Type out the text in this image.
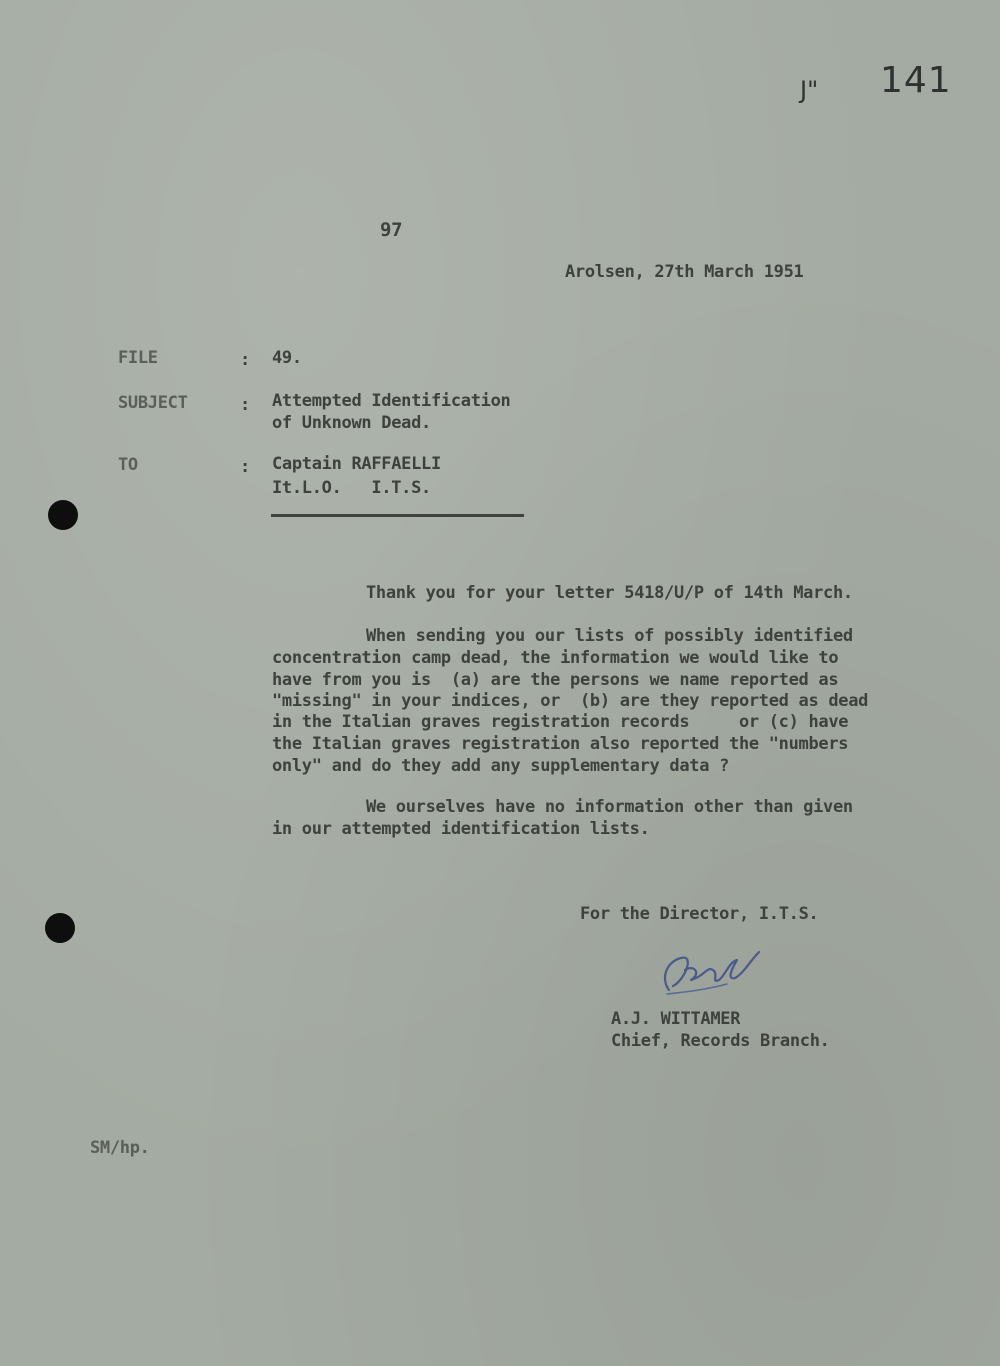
J" 141
97
Arolsen, 27th March 1951
FILE	: 49.
SUBJECT	: Attempted Identification
of Unknown Dead.
TO	: Captain RAFFAELLI
It.L.O.   I.T.S.
Thank you for your letter 5418/U/P of 14th March.
When sending you our lists of possibly identified
concentration camp dead, the information we would like to
have from you is  (a) are the persons we name reported as
"missing" in your indices, or  (b) are they reported as dead
in the Italian graves registration records     or (c) have
the Italian graves registration also reported the "numbers
only" and do they add any supplementary data ?
We ourselves have no information other than given
in our attempted identification lists.
For the Director, I.T.S.
A.J. WITTAMER
Chief, Records Branch.
SM/hp.
